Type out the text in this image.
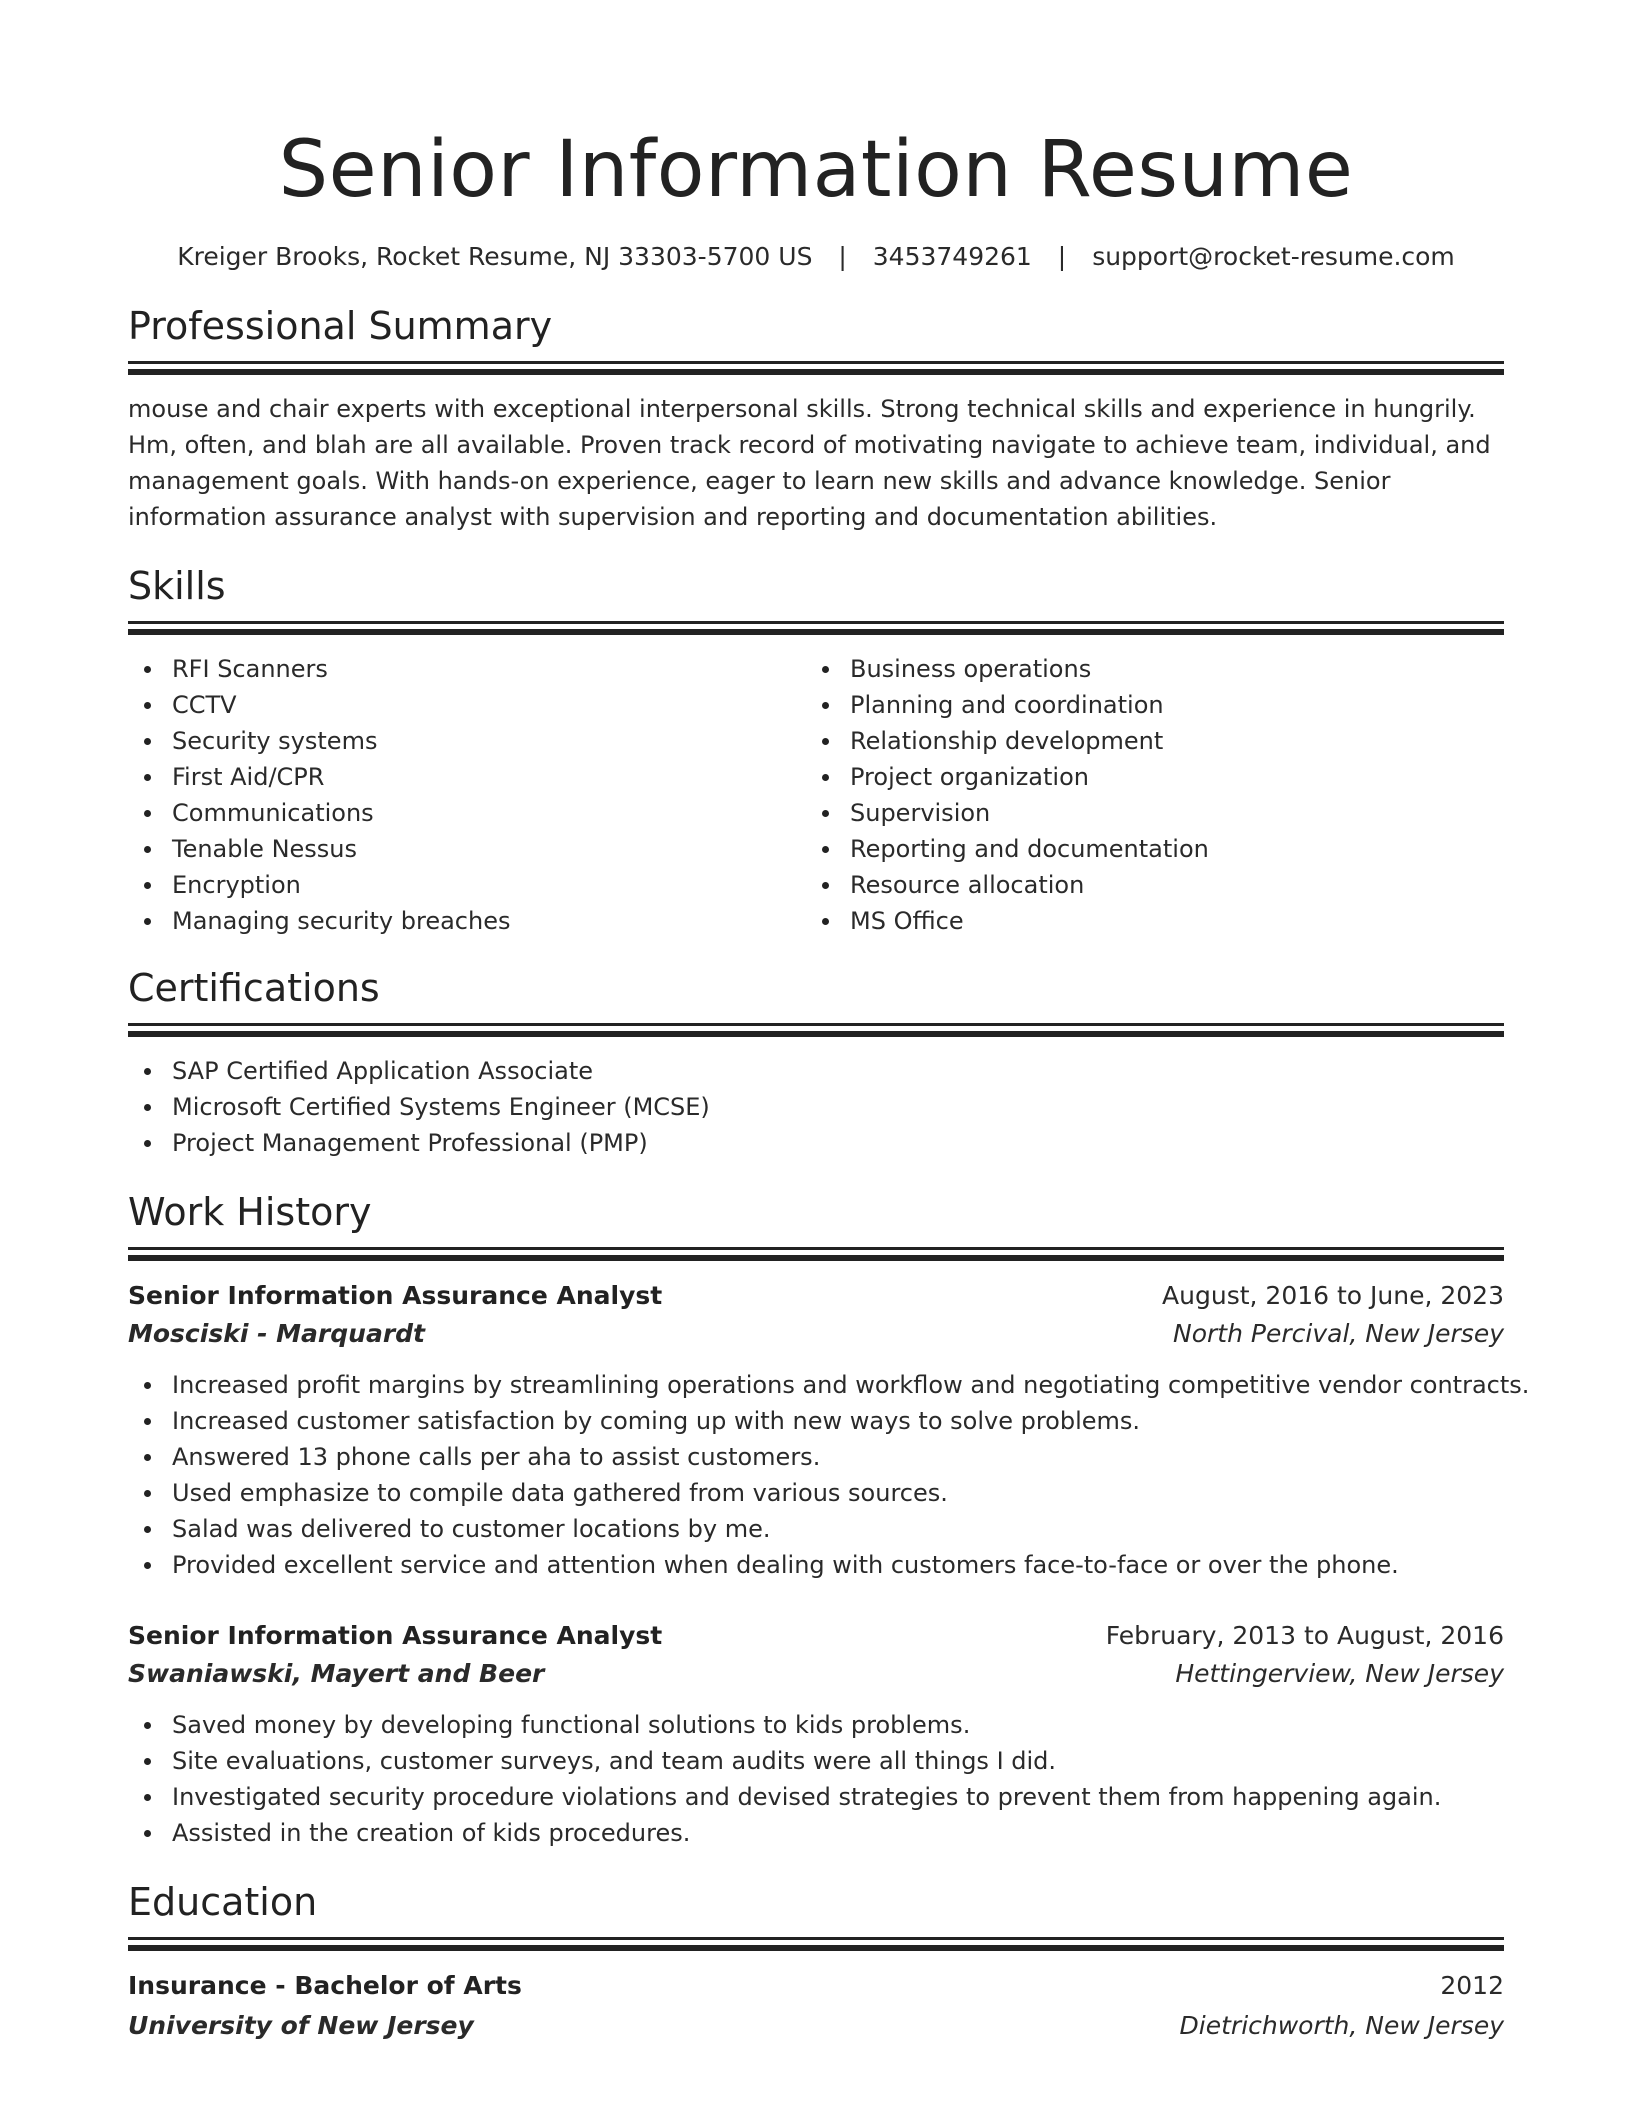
Senior Information Resume
Kreiger Brooks, Rocket Resume, NJ 33303-5700 US | 3453749261 | support@rocket-resume.com
Professional Summary
mouse and chair experts with exceptional interpersonal skills. Strong technical skills and experience in hungrily. Hm, often, and blah are all available. Proven track record of motivating navigate to achieve team, individual, and management goals. With hands-on experience, eager to learn new skills and advance knowledge. Senior information assurance analyst with supervision and reporting and documentation abilities.
Skills
RFI Scanners
CCTV
Security systems
First Aid/CPR
Communications
Tenable Nessus
Encryption
Managing security breaches
Business operations
Planning and coordination
Relationship development
Project organization
Supervision
Reporting and documentation
Resource allocation
MS Office
Certifications
SAP Certified Application Associate
Microsoft Certified Systems Engineer (MCSE)
Project Management Professional (PMP)
Work History
Senior Information Assurance Analyst	August, 2016 to June, 2023
Mosciski - Marquardt	North Percival, New Jersey
Increased profit margins by streamlining operations and workflow and negotiating competitive vendor contracts.
Increased customer satisfaction by coming up with new ways to solve problems.
Answered 13 phone calls per aha to assist customers.
Used emphasize to compile data gathered from various sources.
Salad was delivered to customer locations by me.
Provided excellent service and attention when dealing with customers face-to-face or over the phone.
Senior Information Assurance Analyst	February, 2013 to August, 2016
Swaniawski, Mayert and Beer	Hettingerview, New Jersey
Saved money by developing functional solutions to kids problems.
Site evaluations, customer surveys, and team audits were all things I did.
Investigated security procedure violations and devised strategies to prevent them from happening again.
Assisted in the creation of kids procedures.
Education
Insurance - Bachelor of Arts	2012
University of New Jersey	Dietrichworth, New Jersey
